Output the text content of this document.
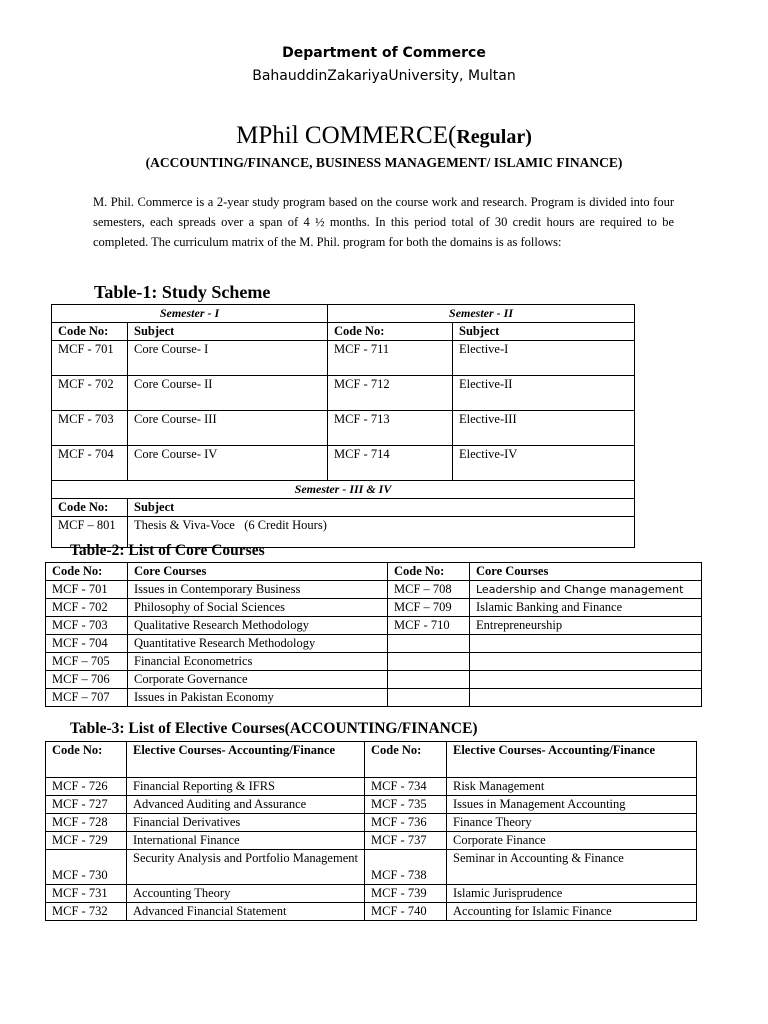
Department of Commerce
BahauddinZakariyaUniversity, Multan
MPhil COMMERCE(Regular)
(ACCOUNTING/FINANCE, BUSINESS MANAGEMENT/ ISLAMIC FINANCE)
M. Phil. Commerce is a 2-year study program based on the course work and research. Program is divided into four semesters, each spreads over a span of 4 ½ months. In this period total of 30 credit hours are required to be completed. The curriculum matrix of the M. Phil. program for both the domains is as follows:
Table-1: Study Scheme
Semester - I		Semester - II	
Code No:	Subject	Code No:	Subject
MCF - 701	Core Course- I	MCF - 711	Elective-I
MCF - 702	Core Course- II	MCF - 712	Elective-II
MCF - 703	Core Course- III	MCF - 713	Elective-III
MCF - 704	Core Course- IV	MCF - 714	Elective-IV
Semester - III & IV			
Code No:	Subject		
MCF – 801	Thesis & Viva-Voce   (6 Credit Hours)		
Table-2: List of Core Courses
Code No:	Core Courses	Code No:	Core Courses
MCF - 701	Issues in Contemporary Business	MCF – 708	Leadership and Change management
MCF - 702	Philosophy of Social Sciences	MCF – 709	Islamic Banking and Finance
MCF - 703	Qualitative Research Methodology	MCF - 710	Entrepreneurship
MCF - 704	Quantitative Research Methodology		
MCF – 705	Financial Econometrics		
MCF – 706	Corporate Governance		
MCF – 707	Issues in Pakistan Economy		
Table-3: List of Elective Courses(ACCOUNTING/FINANCE)
Code No:	Elective Courses- Accounting/Finance	Code No:	Elective Courses- Accounting/Finance
MCF - 726	Financial Reporting & IFRS	MCF - 734	Risk Management
MCF - 727	Advanced Auditing and Assurance	MCF - 735	Issues in Management Accounting
MCF - 728	Financial Derivatives	MCF - 736	Finance Theory
MCF - 729	International Finance	MCF - 737	Corporate Finance
MCF - 730	Security Analysis and Portfolio Management	MCF - 738	Seminar in Accounting & Finance
MCF - 731	Accounting Theory	MCF - 739	Islamic Jurisprudence
MCF - 732	Advanced Financial Statement	MCF - 740	Accounting for Islamic Finance
